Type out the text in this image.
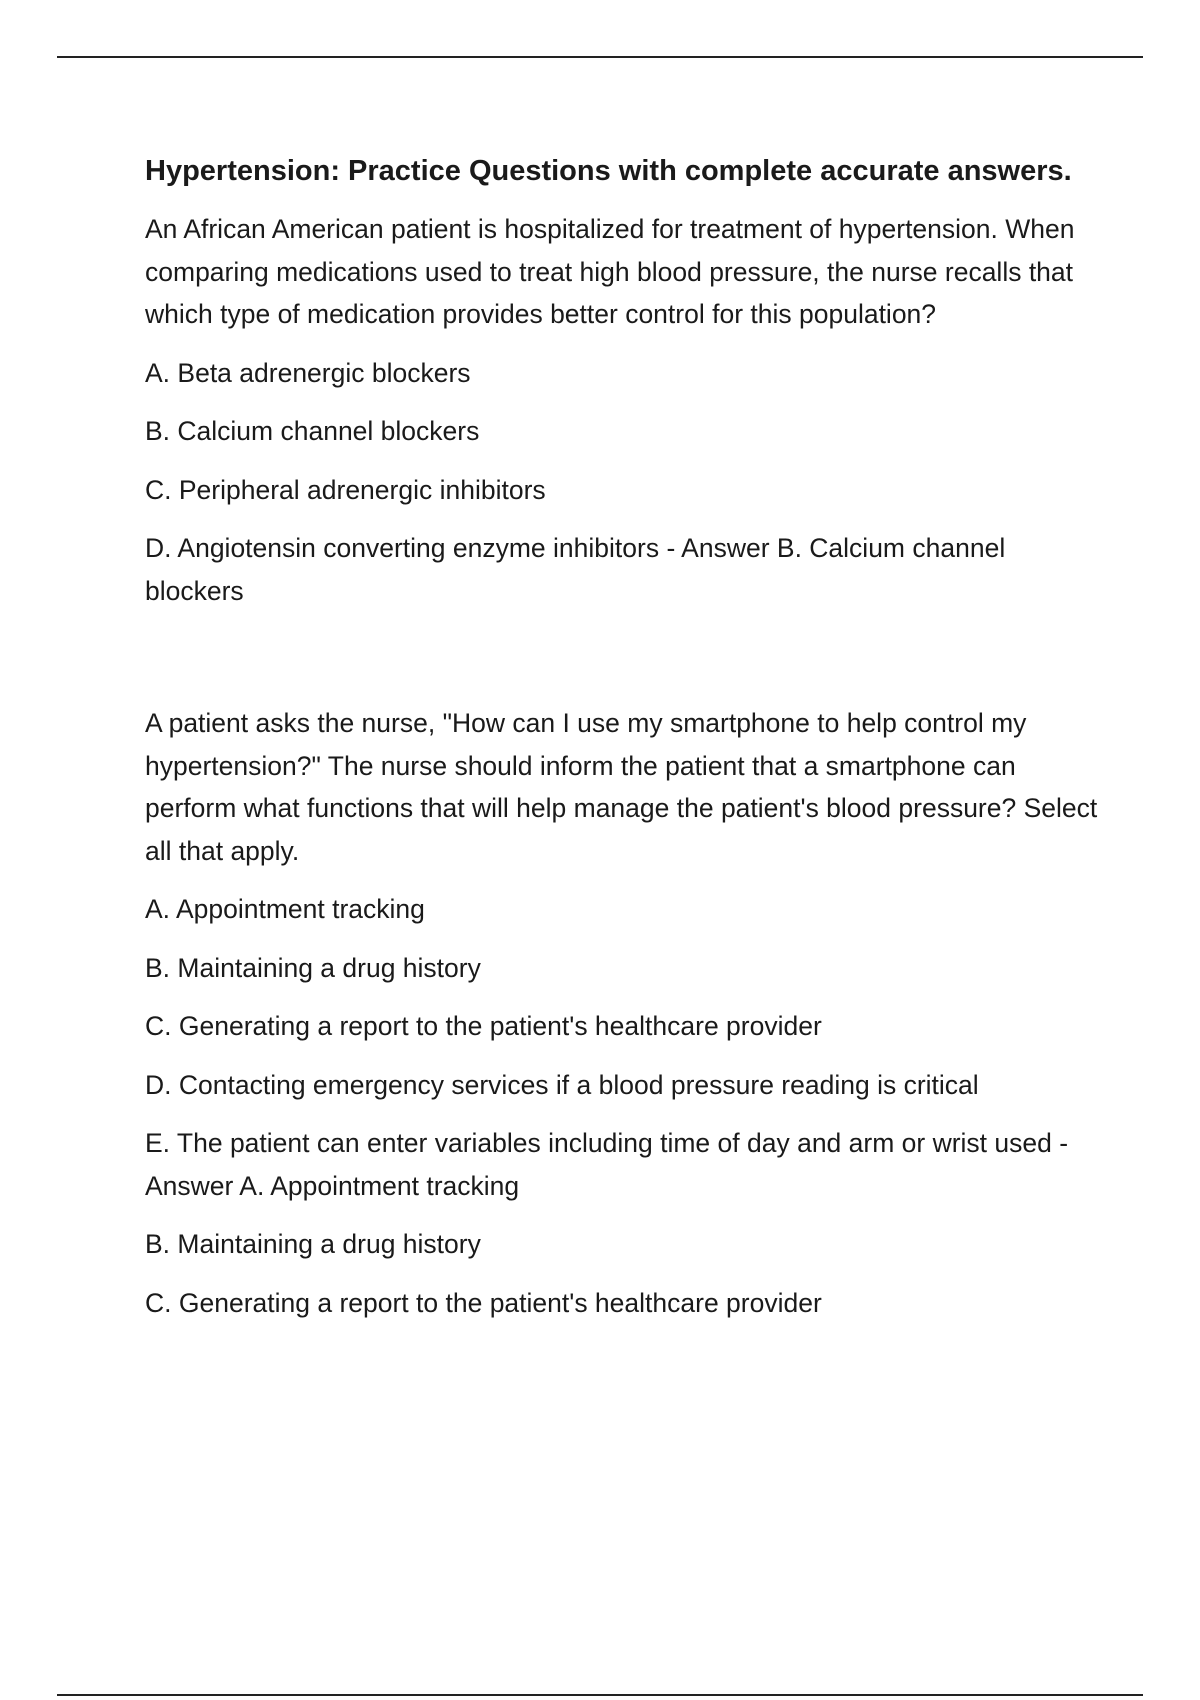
Hypertension: Practice Questions with complete accurate answers.

An African American patient is hospitalized for treatment of hypertension. When comparing medications used to treat high blood pressure, the nurse recalls that which type of medication provides better control for this population?

A. Beta adrenergic blockers

B. Calcium channel blockers

C. Peripheral adrenergic inhibitors

D. Angiotensin converting enzyme inhibitors - Answer B. Calcium channel blockers

A patient asks the nurse, "How can I use my smartphone to help control my hypertension?" The nurse should inform the patient that a smartphone can perform what functions that will help manage the patient's blood pressure? Select all that apply.

A. Appointment tracking

B. Maintaining a drug history

C. Generating a report to the patient's healthcare provider

D. Contacting emergency services if a blood pressure reading is critical

E. The patient can enter variables including time of day and arm or wrist used - Answer A. Appointment tracking

B. Maintaining a drug history

C. Generating a report to the patient's healthcare provider
